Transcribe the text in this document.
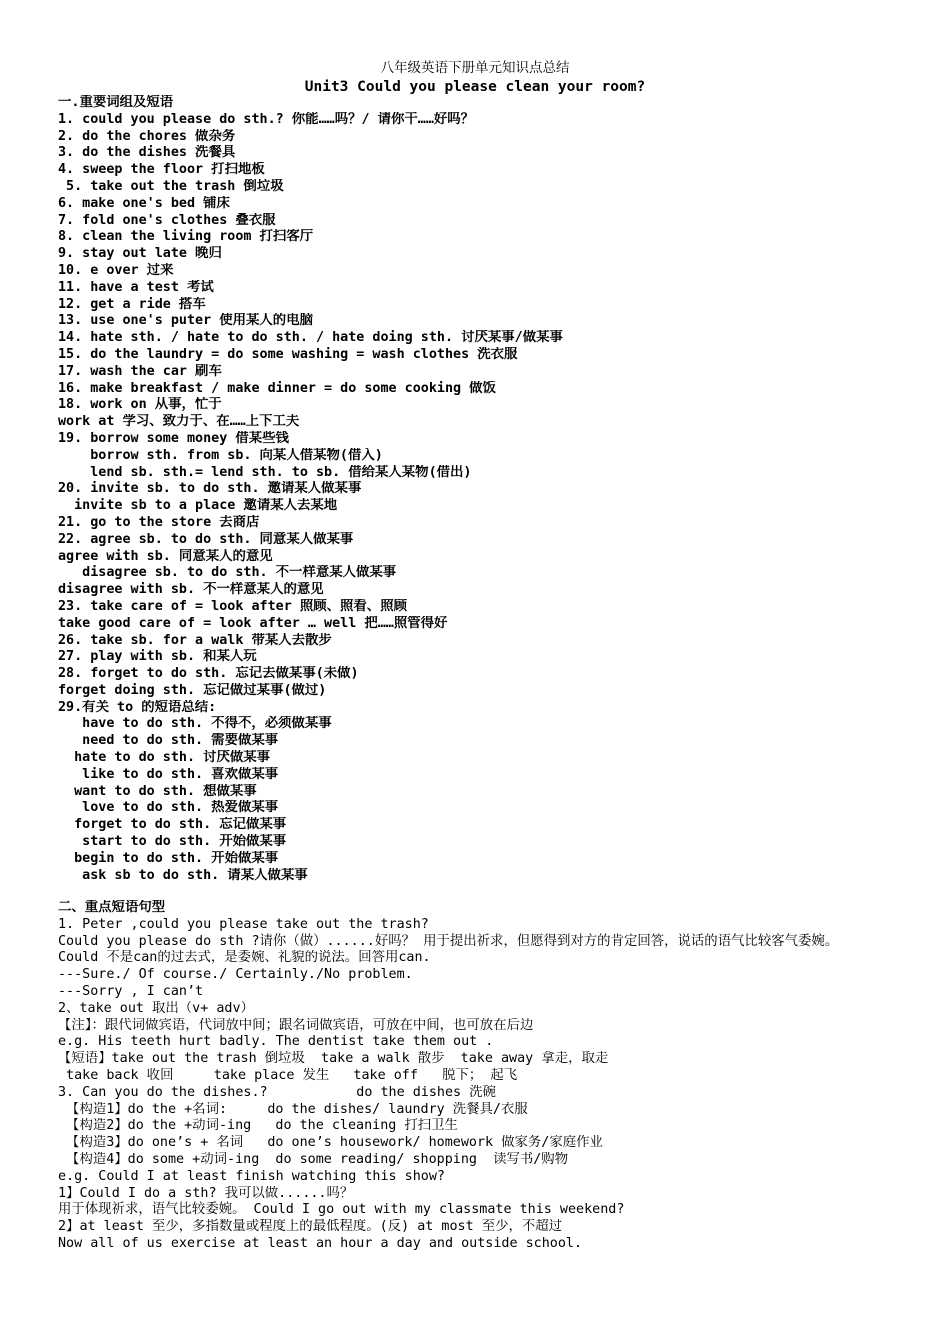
八年级英语下册单元知识点总结
Unit3 Could you please clean your room?
一.重要词组及短语
1. could you please do sth.? 你能……吗？/ 请你干……好吗？
2. do the chores 做杂务
3. do the dishes 洗餐具
4. sweep the floor 打扫地板
5. take out the trash 倒垃圾
6. make one's bed 铺床
7. fold one's clothes 叠衣服
8. clean the living room 打扫客厅
9. stay out late 晚归
10. e over 过来
11. have a test 考试
12. get a ride 搭车
13. use one's puter 使用某人的电脑
14. hate sth. / hate to do sth. / hate doing sth. 讨厌某事/做某事
15. do the laundry = do some washing = wash clothes 洗衣服
17. wash the car 刷车
16. make breakfast / make dinner = do some cooking 做饭
18. work on 从事，忙于
work at 学习、致力于、在……上下工夫
19. borrow some money 借某些钱
borrow sth. from sb. 向某人借某物(借入)
lend sb. sth.= lend sth. to sb. 借给某人某物(借出)
20. invite sb. to do sth. 邀请某人做某事
invite sb to a place 邀请某人去某地
21. go to the store 去商店
22. agree sb. to do sth. 同意某人做某事
agree with sb. 同意某人的意见
disagree sb. to do sth. 不一样意某人做某事
disagree with sb. 不一样意某人的意见
23. take care of = look after 照顾、照看、照顾
take good care of = look after … well 把……照管得好
26. take sb. for a walk 带某人去散步
27. play with sb. 和某人玩
28. forget to do sth. 忘记去做某事(未做)
forget doing sth. 忘记做过某事(做过)
29.有关 to 的短语总结:
have to do sth. 不得不，必须做某事
need to do sth. 需要做某事
hate to do sth. 讨厌做某事
like to do sth. 喜欢做某事
want to do sth. 想做某事
love to do sth. 热爱做某事
forget to do sth. 忘记做某事
start to do sth. 开始做某事
begin to do sth. 开始做某事
ask sb to do sth. 请某人做某事
二、重点短语句型
1. Peter ,could you please take out the trash?
Could you please do sth ?请你（做）......好吗？ 用于提出祈求，但愿得到对方的肯定回答，说话的语气比较客气委婉。
Could 不是can的过去式，是委婉、礼貌的说法。回答用can.
---Sure./ Of course./ Certainly./No problem.
---Sorry , I can’t
2、take out 取出（v+ adv）
【注】：跟代词做宾语，代词放中间；跟名词做宾语，可放在中间，也可放在后边
e.g. His teeth hurt badly. The dentist take them out .
【短语】take out the trash 倒垃圾  take a walk 散步  take away 拿走，取走
take back 收回     take place 发生   take off   脱下； 起飞
3. Can you do the dishes.?           do the dishes 洗碗
【构造1】do the +名词:     do the dishes/ laundry 洗餐具/衣服
【构造2】do the +动词-ing   do the cleaning 打扫卫生
【构造3】do one’s + 名词   do one’s housework/ homework 做家务/家庭作业
【构造4】do some +动词-ing  do some reading/ shopping  读写书/购物
e.g. Could I at least finish watching this show?
1】Could I do a sth? 我可以做......吗？
用于体现祈求，语气比较委婉。 Could I go out with my classmate this weekend?
2】at least 至少，多指数量或程度上的最低程度。(反) at most 至少，不超过
Now all of us exercise at least an hour a day and outside school.
